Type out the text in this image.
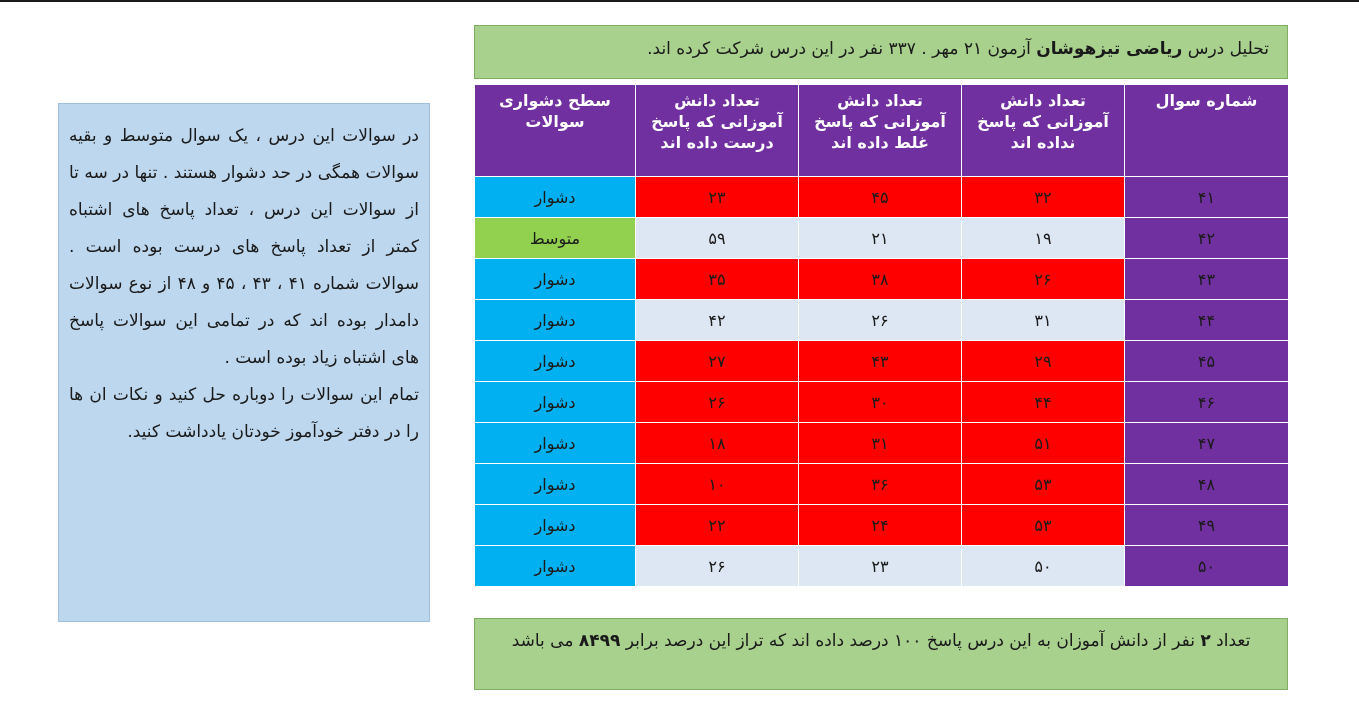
تحلیل درس ریاضی تیزهوشان آزمون ۲۱ مهر . ۳۳۷ نفر در این درس شرکت کرده اند.
شماره سوال	تعداد دانش آموزانی که پاسخ نداده اند	تعداد دانش آموزانی که پاسخ غلط داده اند	تعداد دانش آموزانی که پاسخ درست داده اند	سطح دشواری سوالات
۴۱	۳۲	۴۵	۲۳	دشوار
۴۲	۱۹	۲۱	۵۹	متوسط
۴۳	۲۶	۳۸	۳۵	دشوار
۴۴	۳۱	۲۶	۴۲	دشوار
۴۵	۲۹	۴۳	۲۷	دشوار
۴۶	۴۴	۳۰	۲۶	دشوار
۴۷	۵۱	۳۱	۱۸	دشوار
۴۸	۵۳	۳۶	۱۰	دشوار
۴۹	۵۳	۲۴	۲۲	دشوار
۵۰	۵۰	۲۳	۲۶	دشوار

در سوالات این درس ، یک سوال متوسط و بقیه سوالات همگی در حد دشوار هستند . تنها در سه تا از سوالات این درس ، تعداد پاسخ های اشتباه کمتر از تعداد پاسخ های درست بوده است . سوالات شماره ۴۱ ، ۴۳ ، ۴۵ و ۴۸ از نوع سوالات دامدار بوده اند که در تمامی این سوالات پاسخ های اشتباه زیاد بوده است .

تمام این سوالات را دوباره حل کنید و نکات ان ها را در دفتر خودآموز خودتان یادداشت کنید.

تعداد ۲ نفر از دانش آموزان به این درس پاسخ ۱۰۰ درصد داده اند که تراز این درصد برابر ۸۴۹۹ می باشد
